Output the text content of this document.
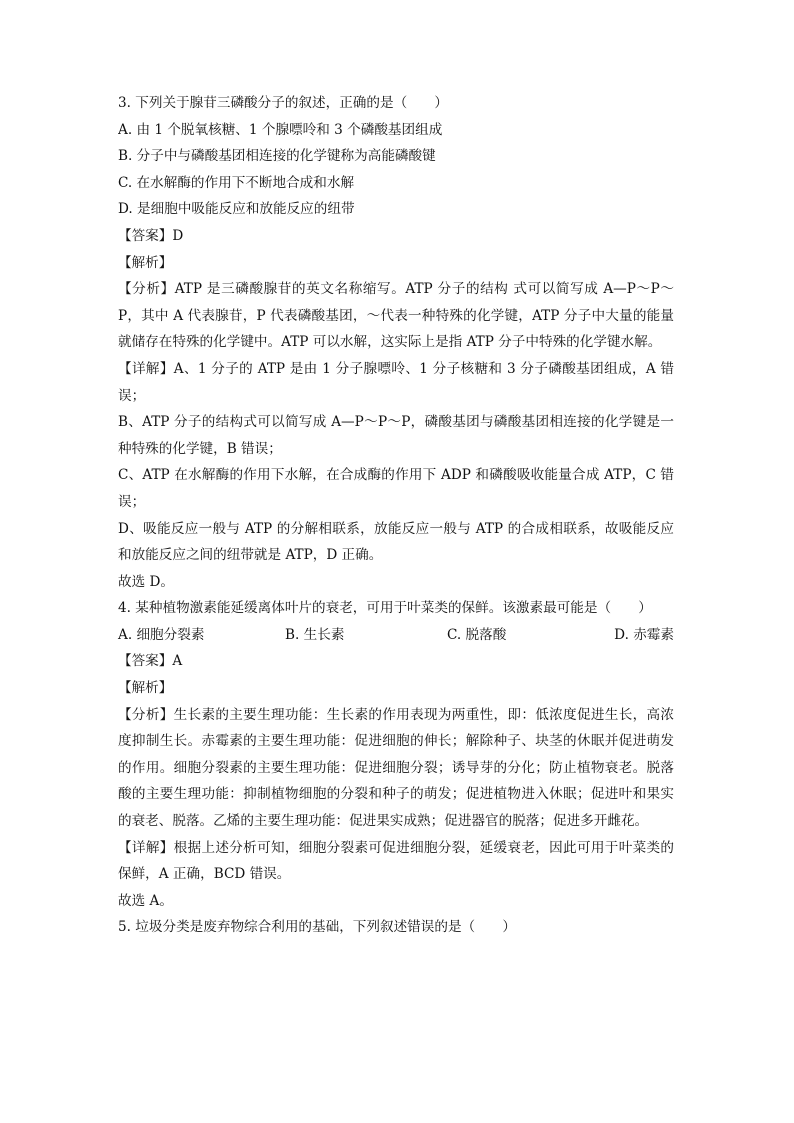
3. 下列关于腺苷三磷酸分子的叙述，正确的是（　　）
A. 由 1 个脱氧核糖、1 个腺嘌呤和 3 个磷酸基团组成
B. 分子中与磷酸基团相连接的化学键称为高能磷酸键
C. 在水解酶的作用下不断地合成和水解
D. 是细胞中吸能反应和放能反应的纽带
【答案】D
【解析】
【分析】ATP 是三磷酸腺苷的英文名称缩写。ATP 分子的结构 式可以简写成 A—P～P～P，其中 A 代表腺苷，P 代表磷酸基团，～代表一种特殊的化学键，ATP 分子中大量的能量就储存在特殊的化学键中。ATP 可以水解，这实际上是指 ATP 分子中特殊的化学键水解。
【详解】A、1 分子的 ATP 是由 1 分子腺嘌呤、1 分子核糖和 3 分子磷酸基团组成，A 错误；
B、ATP 分子的结构式可以简写成 A—P～P～P，磷酸基团与磷酸基团相连接的化学键是一种特殊的化学键，B 错误；
C、ATP 在水解酶的作用下水解，在合成酶的作用下 ADP 和磷酸吸收能量合成 ATP，C 错误；
D、吸能反应一般与 ATP 的分解相联系，放能反应一般与 ATP 的合成相联系，故吸能反应和放能反应之间的纽带就是 ATP，D 正确。
故选 D。
4. 某种植物激素能延缓离体叶片的衰老，可用于叶菜类的保鲜。该激素最可能是（　　）
A. 细胞分裂素	B. 生长素	C. 脱落酸	D. 赤霉素
【答案】A
【解析】
【分析】生长素的主要生理功能：生长素的作用表现为两重性，即：低浓度促进生长，高浓度抑制生长。赤霉素的主要生理功能：促进细胞的伸长；解除种子、块茎的休眠并促进萌发的作用。细胞分裂素的主要生理功能：促进细胞分裂；诱导芽的分化；防止植物衰老。脱落酸的主要生理功能：抑制植物细胞的分裂和种子的萌发；促进植物进入休眠；促进叶和果实的衰老、脱落。乙烯的主要生理功能：促进果实成熟；促进器官的脱落；促进多开雌花。
【详解】根据上述分析可知，细胞分裂素可促进细胞分裂，延缓衰老，因此可用于叶菜类的保鲜，A 正确，BCD 错误。
故选 A。
5. 垃圾分类是废弃物综合利用的基础，下列叙述错误的是（　　）
